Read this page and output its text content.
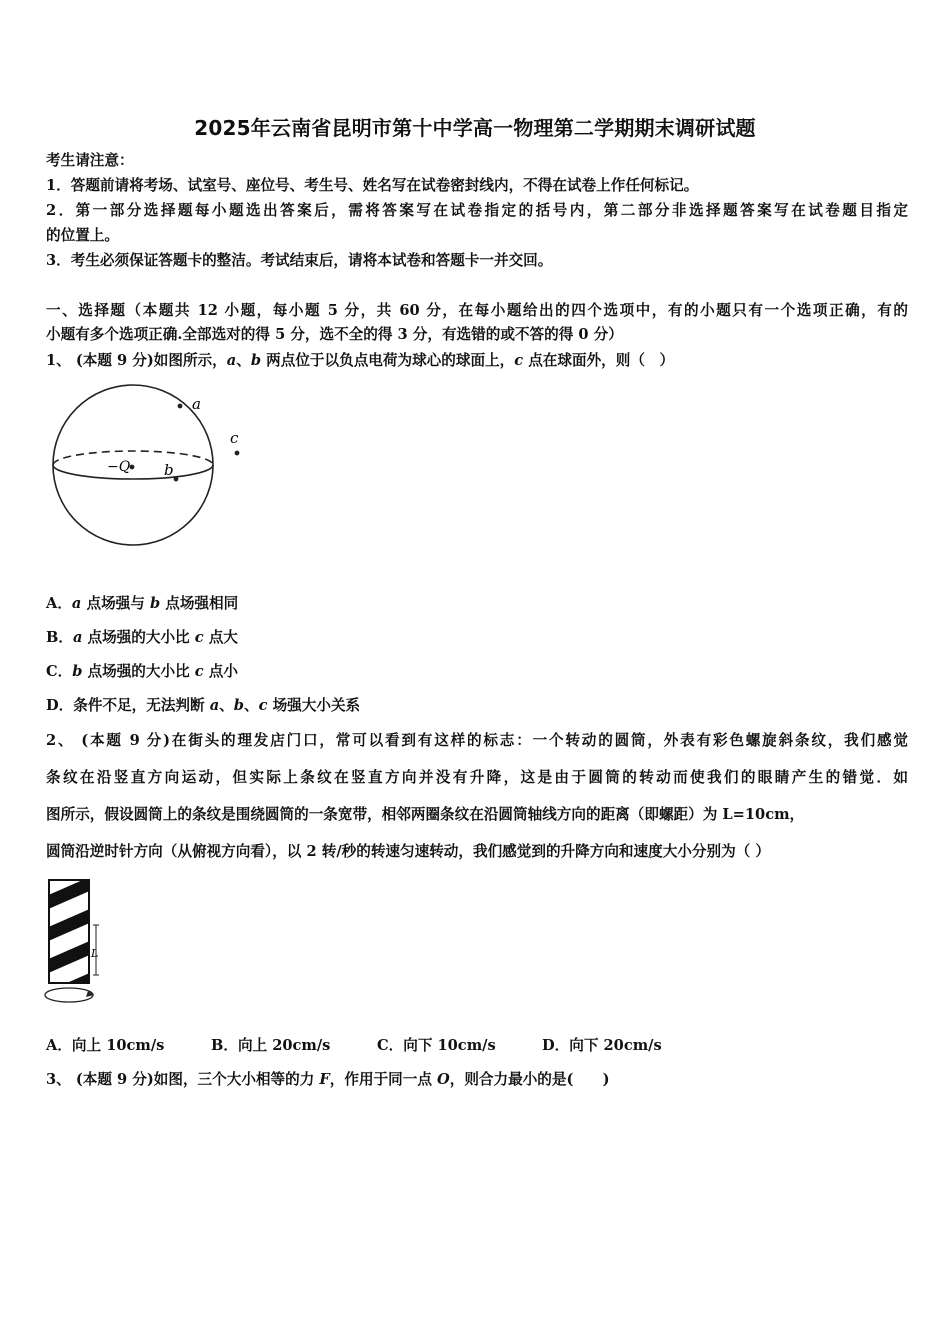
2025年云南省昆明市第十中学高一物理第二学期期末调研试题
考生请注意：
1．答题前请将考场、试室号、座位号、考生号、姓名写在试卷密封线内，不得在试卷上作任何标记。
2．第一部分选择题每小题选出答案后，需将答案写在试卷指定的括号内，第二部分非选择题答案写在试卷题目指定
的位置上。
3．考生必须保证答题卡的整洁。考试结束后，请将本试卷和答题卡一并交回。
一、选择题（本题共 12 小题，每小题 5 分，共 60 分，在每小题给出的四个选项中，有的小题只有一个选项正确，有的
小题有多个选项正确.全部选对的得 5 分，选不全的得 3 分，有选错的或不答的得 0 分）
1、 (本题 9 分)如图所示，a、b 两点位于以负点电荷为球心的球面上，c 点在球面外，则（　）
a
−Q b
c
A．a 点场强与 b 点场强相同
B．a 点场强的大小比 c 点大
C．b 点场强的大小比 c 点小
D．条件不足，无法判断 a、b、c 场强大小关系
2、 (本题 9 分)在街头的理发店门口，常可以看到有这样的标志：一个转动的圆筒，外表有彩色螺旋斜条纹，我们感觉
条纹在沿竖直方向运动，但实际上条纹在竖直方向并没有升降，这是由于圆筒的转动而使我们的眼睛产生的错觉．如
图所示，假设圆筒上的条纹是围绕圆筒的一条宽带，相邻两圈条纹在沿圆筒轴线方向的距离（即螺距）为 L=10cm，
圆筒沿逆时针方向（从俯视方向看），以 2 转/秒的转速匀速转动，我们感觉到的升降方向和速度大小分别为（ ）
L
A．向上 10cm/s	B．向上 20cm/s	C．向下 10cm/s	D．向下 20cm/s
3、 (本题 9 分)如图，三个大小相等的力 F，作用于同一点 O，则合力最小的是(　　)
